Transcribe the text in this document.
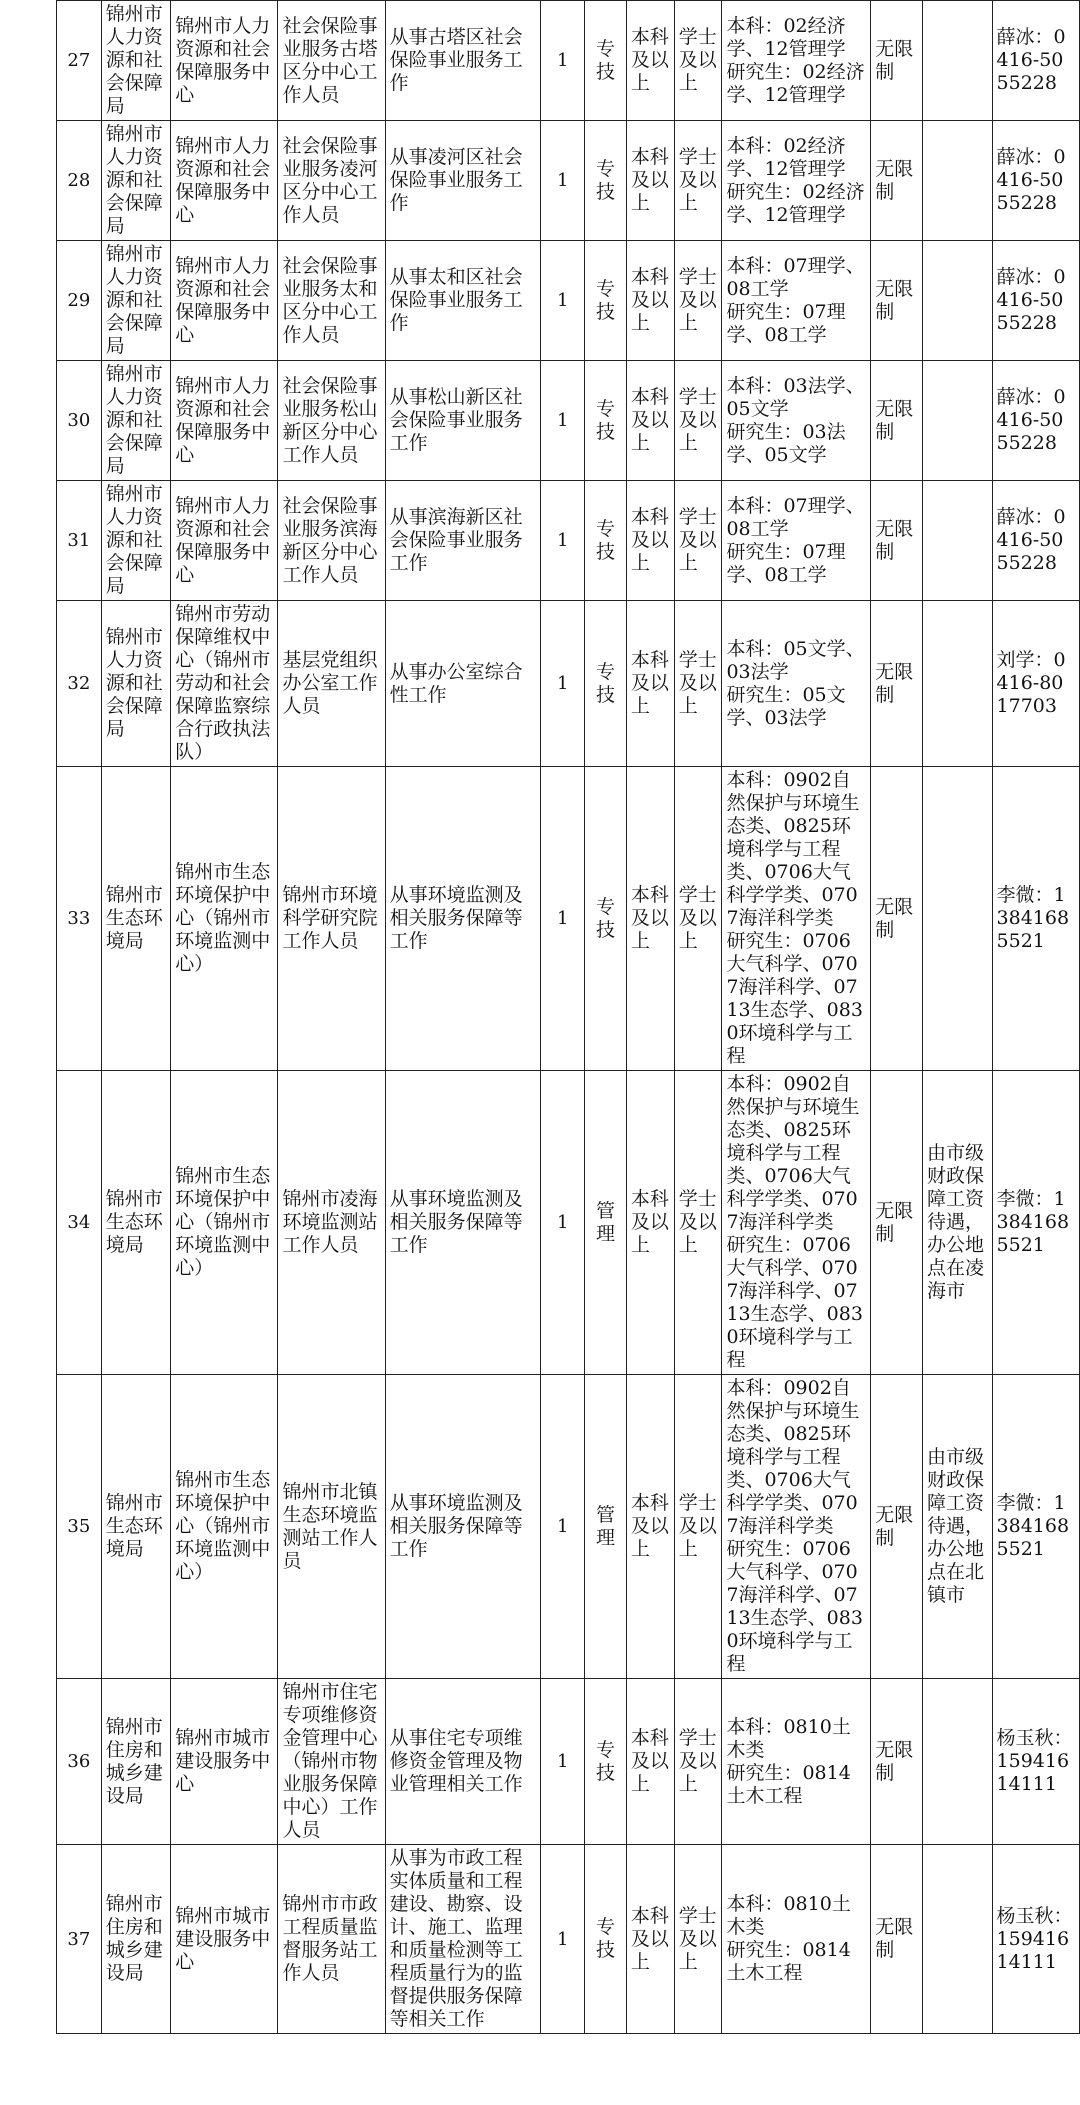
27	锦州市人力资源和社会保障局	锦州市人力资源和社会保障服务中心	社会保险事业服务古塔区分中心工作人员	从事古塔区社会保险事业服务工作	1	专技	本科及以上	学士及以上	本科：02经济学、12管理学
研究生：02经济学、12管理学	无限制		薛冰：0416-5055228
28	锦州市人力资源和社会保障局	锦州市人力资源和社会保障服务中心	社会保险事业服务凌河区分中心工作人员	从事凌河区社会保险事业服务工作	1	专技	本科及以上	学士及以上	本科：02经济学、12管理学
研究生：02经济学、12管理学	无限制		薛冰：0416-5055228
29	锦州市人力资源和社会保障局	锦州市人力资源和社会保障服务中心	社会保险事业服务太和区分中心工作人员	从事太和区社会保险事业服务工作	1	专技	本科及以上	学士及以上	本科：07理学、08工学
研究生：07理学、08工学	无限制		薛冰：0416-5055228
30	锦州市人力资源和社会保障局	锦州市人力资源和社会保障服务中心	社会保险事业服务松山新区分中心工作人员	从事松山新区社会保险事业服务工作	1	专技	本科及以上	学士及以上	本科：03法学、05文学
研究生：03法学、05文学	无限制		薛冰：0416-5055228
31	锦州市人力资源和社会保障局	锦州市人力资源和社会保障服务中心	社会保险事业服务滨海新区分中心工作人员	从事滨海新区社会保险事业服务工作	1	专技	本科及以上	学士及以上	本科：07理学、08工学
研究生：07理学、08工学	无限制		薛冰：0416-5055228
32	锦州市人力资源和社会保障局	锦州市劳动保障维权中心（锦州市劳动和社会保障监察综合行政执法队）	基层党组织办公室工作人员	从事办公室综合性工作	1	专技	本科及以上	学士及以上	本科：05文学、03法学
研究生：05文学、03法学	无限制		刘学：0416-8017703
33	锦州市生态环境局	锦州市生态环境保护中心（锦州市环境监测中心）	锦州市环境科学研究院工作人员	从事环境监测及相关服务保障等工作	1	专技	本科及以上	学士及以上	本科：0902自然保护与环境生态类、0825环境科学与工程类、0706大气科学学类、0707海洋科学类
研究生：0706大气科学、0707海洋科学、0713生态学、0830环境科学与工程	无限制		李微：13841685521
34	锦州市生态环境局	锦州市生态环境保护中心（锦州市环境监测中心）	锦州市凌海环境监测站工作人员	从事环境监测及相关服务保障等工作	1	管理	本科及以上	学士及以上	本科：0902自然保护与环境生态类、0825环境科学与工程类、0706大气科学学类、0707海洋科学类
研究生：0706大气科学、0707海洋科学、0713生态学、0830环境科学与工程	无限制	由市级财政保障工资待遇，办公地点在凌海市	李微：13841685521
35	锦州市生态环境局	锦州市生态环境保护中心（锦州市环境监测中心）	锦州市北镇生态环境监测站工作人员	从事环境监测及相关服务保障等工作	1	管理	本科及以上	学士及以上	本科：0902自然保护与环境生态类、0825环境科学与工程类、0706大气科学学类、0707海洋科学类
研究生：0706大气科学、0707海洋科学、0713生态学、0830环境科学与工程	无限制	由市级财政保障工资待遇，办公地点在北镇市	李微：13841685521
36	锦州市住房和城乡建设局	锦州市城市建设服务中心	锦州市住宅专项维修资金管理中心（锦州市物业服务保障中心）工作人员	从事住宅专项维修资金管理及物业管理相关工作	1	专技	本科及以上	学士及以上	本科：0810土木类
研究生：0814土木工程	无限制		杨玉秋：15941614111
37	锦州市住房和城乡建设局	锦州市城市建设服务中心	锦州市市政工程质量监督服务站工作人员	从事为市政工程实体质量和工程建设、勘察、设计、施工、监理和质量检测等工程质量行为的监督提供服务保障等相关工作	1	专技	本科及以上	学士及以上	本科：0810土木类
研究生：0814土木工程	无限制		杨玉秋：15941614111
